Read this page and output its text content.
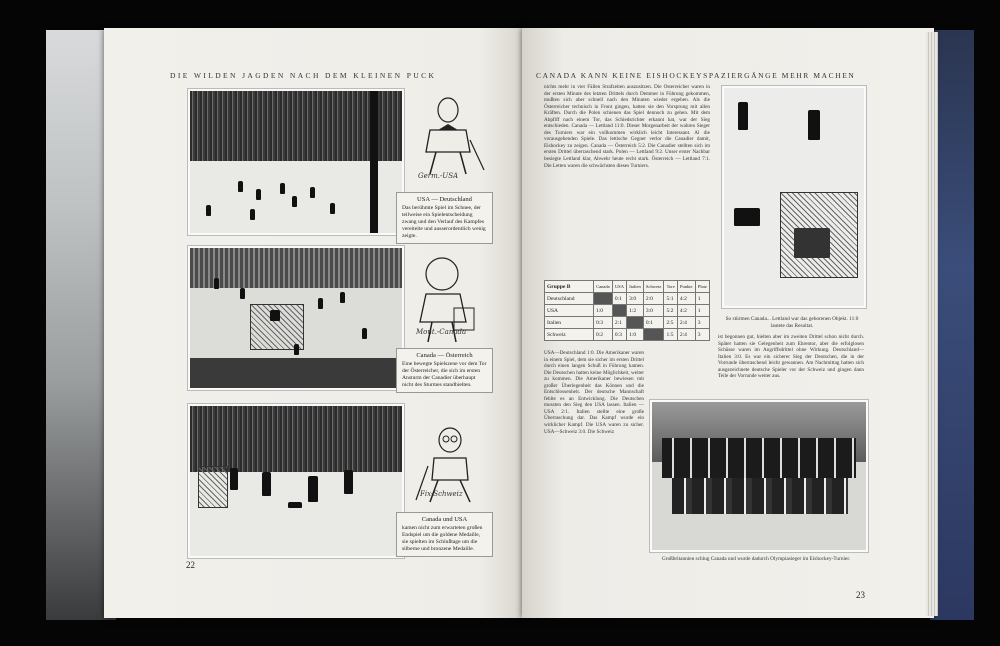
DIE WILDEN JAGDEN NACH DEM KLEINEN PUCK
Germ.-USA
USA — Deutschland
Das berühmte Spiel im Schnee, der teilweise ein Spielentscheidung zwang und den Verlauf des Kampfes vereitelte und ausserordentlich wenig zeigte.
Mont.-Canada
Canada — Österreich
Eine bewegte Spielszene vor dem Tor der Österreicher, die sich im ersten Ansturm der Canadier überhaupt nicht des Sturmes standhielten.
Fix-Schweiz
Canada und USA
kamen nicht zum erwarteten großen Endspiel um die goldene Medaille, sie spielten im Schlußtage um die silberne und bronzene Medaille.
22
CANADA KANN KEINE EISHOCKEYSPAZIERGÄNGE MEHR MACHEN

nichts mehr in vier Fällen Strafzeiten auszusitzen. Die Österreicher waren in der ersten Minute des letzten Drittels durch Demmer in Führung gekommen, mußten sich aber schnell nach den Minuten wieder ergeben. Als die Österreicher technisch in Front gingen, hatten sie den Vorsprung mit allen Kräften. Durch die Polen schienen das Spiel dennoch zu gehen. Mit dem Abpfiff nach einem Tor, das Schiedsrichter erkannt hat, war der Sieg entschieden. Canada — Lettland 11:0. Dieser Morgenarbeit der wahren Sieger des Turniers war ein vollkommen wirklich leicht Interessant. Al die vorausgehenden Spiele. Das lettische Gegner verlor die Canadier damit, Eishockey zu zeigen. Canada — Österreich 5:2. Die Canadier stellten sich im ersten Drittel überraschend stark. Polen — Lettland 9:2. Unser erster Nachbar besiegte Lettland klar, Abwehr heute recht stark. Österreich — Lettland 7:1. Die Letten waren die schwächsten dieses Turniers.

So stürmen Canada... Lettland war das geborenen Objekt. 11:0 lautete das Resultat.
Gruppe B	Canada	USA	Italien	Schweiz	Tore	Punkte	Platz
Deutschland		0:1	3:0	2:0	5:1	4:2	1
USA	1:0		1:2	3:0	5:2	4:2	1
Italien	0:3	2:1		0:1	2:5	2:4	3
Schweiz	0:2	0:3	1:0		1:5	2:4	3

USA—Deutschland 1:0. Die Amerikaner waren in einem Spiel, dem sie sicher im ersten Drittel durch einen langen Schuß in Führung kamen. Die Deutschen hatten keine Möglichkeit, weiter zu kommen. Die Amerikaner bewiesen mit großer Überlegenheit das Können und die Entschlossenheit. Der deutsche Mannschaft fehlte es an Entwicklung. Die Deutschen mussten den Sieg den USA lassen. Italien — USA 2:1. Italien stellte eine große Überraschung dar. Das Kampf wurde ein wirklicher Kampf. Die USA waren zu sicher. USA—Schweiz 3:0. Die Schweiz

ist begonnen gut, hielten aber im zweiten Drittel schon nicht durch. Später hatten sie Gelegenheit zum Ehrentor, aber die erfolglosen Schüsse waren im Angriffsdrittel ohne Wirkung. Deutschland—Italien 3:0. Es war ein sicherer Sieg der Deutschen, die in der Vorrunde überraschend leicht gewannen. Am Nachmittag hatten sich ausgezeichnete deutsche Spieler vor der Schweiz und gingen dann Teile der Vorrunde weiter aus.

Großbritannien schlug Canada und wurde dadurch Olympiasieger im Eishockey-Turnier.
23
